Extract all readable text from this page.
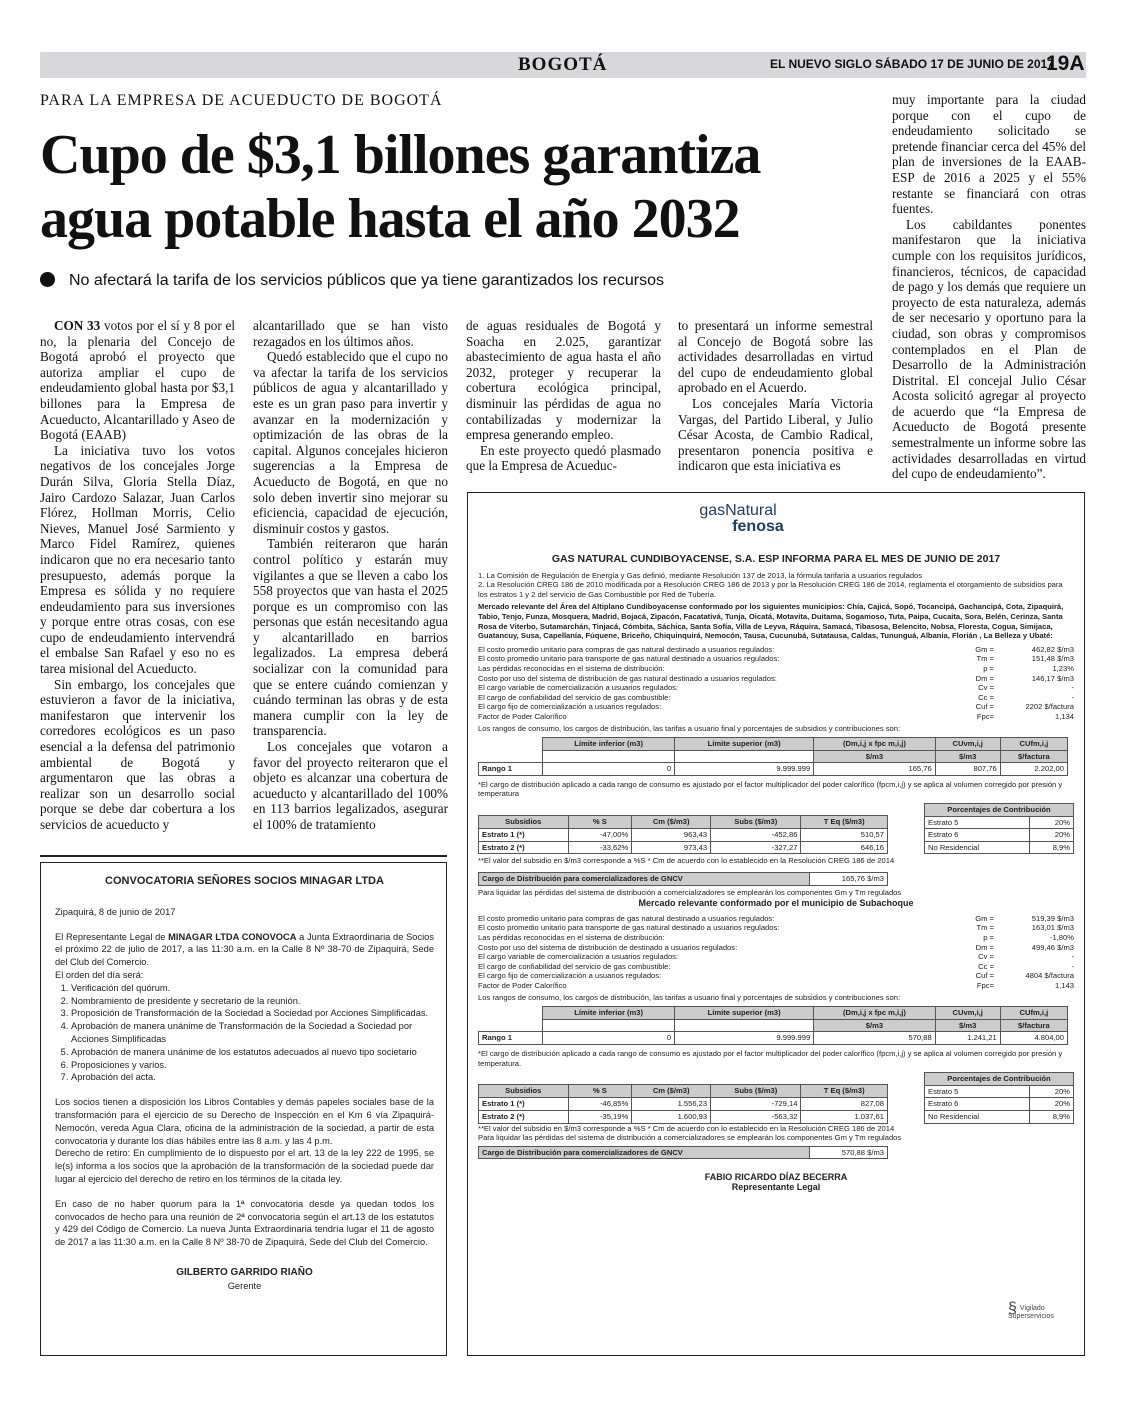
BOGOTÁ	EL NUEVO SIGLO SÁBADO 17 DE JUNIO DE 2017
19A
PARA LA EMPRESA DE ACUEDUCTO DE BOGOTÁ
Cupo de $3,1 billones garantiza
agua potable hasta el año 2032
No afectará la tarifa de los servicios públicos que ya tiene garantizados los recursos

CON 33 votos por el sí y 8 por el no, la plenaria del Concejo de Bogotá aprobó el proyecto que autoriza ampliar el cupo de endeudamiento global hasta por $3,1 billones para la Empresa de Acueducto, Alcantarillado y Aseo de Bogotá (EAAB)

La iniciativa tuvo los votos negativos de los concejales Jorge Durán Silva, Gloria Stella Díaz, Jairo Cardozo Salazar, Juan Carlos Flórez, Hollman Morris, Celio Nieves, Manuel José Sarmiento y Marco Fidel Ramírez, quienes indicaron que no era necesario tanto presupuesto, además porque la Empresa es sólida y no requiere endeudamiento para sus inversiones y porque entre otras cosas, con ese cupo de endeudamiento intervendrá el embalse San Rafael y eso no es tarea misional del Acueducto.

Sin embargo, los concejales que estuvieron a favor de la iniciativa, manifestaron que intervenir los corredores ecológicos es un paso esencial a la defensa del patrimonio ambiental de Bogotá y argumentaron que las obras a realizar son un desarrollo social porque se debe dar cobertura a los servicios de acueducto y

alcantarillado que se han visto rezagados en los últimos años.

Quedó establecido que el cupo no va afectar la tarifa de los servicios públicos de agua y alcantarillado y este es un gran paso para invertir y avanzar en la modernización y optimización de las obras de la capital. Algunos concejales hicieron sugerencias a la Empresa de Acueducto de Bogotá, en que no solo deben invertir sino mejorar su eficiencia, capacidad de ejecución, disminuir costos y gastos.

También reiteraron que harán control político y estarán muy vigilantes a que se lleven a cabo los 558 proyectos que van hasta el 2025 porque es un compromiso con las personas que están necesitando agua y alcantarillado en barrios legalizados. La empresa deberá socializar con la comunidad para que se entere cuándo comienzan y cuándo terminan las obras y de esta manera cumplir con la ley de transparencia.

Los concejales que votaron a favor del proyecto reiteraron que el objeto es alcanzar una cobertura de acueducto y alcantarillado del 100% en 113 barrios legalizados, asegurar el 100% de tratamiento

de aguas residuales de Bogotá y Soacha en 2.025, garantizar abastecimiento de agua hasta el año 2032, proteger y recuperar la cobertura ecológica principal, disminuir las pérdidas de agua no contabilizadas y modernizar la empresa generando empleo.

En este proyecto quedó plasmado que la Empresa de Acueduc-

to presentará un informe semestral al Concejo de Bogotá sobre las actividades desarrolladas en virtud del cupo de endeudamiento global aprobado en el Acuerdo.

Los concejales María Victoria Vargas, del Partido Liberal, y Julio César Acosta, de Cambio Radical, presentaron ponencia positiva e indicaron que esta iniciativa es

muy importante para la ciudad porque con el cupo de endeudamiento solicitado se pretende financiar cerca del 45% del plan de inversiones de la EAAB-ESP de 2016 a 2025 y el 55% restante se financiará con otras fuentes.

Los cabildantes ponentes manifestaron que la iniciativa cumple con los requisitos jurídicos, financieros, técnicos, de capacidad de pago y los demás que requiere un proyecto de esta naturaleza, además de ser necesario y oportuno para la ciudad, son obras y compromisos contemplados en el Plan de Desarrollo de la Administración Distrital. El concejal Julio César Acosta solicitó agregar al proyecto de acuerdo que “la Empresa de Acueducto de Bogotá presente semestralmente un informe sobre las actividades desarrolladas en virtud del cupo de endeudamiento”.

gasNatural
fenosa
GAS NATURAL CUNDIBOYACENSE, S.A. ESP INFORMA PARA EL MES DE JUNIO DE 2017
1. La Comisión de Regulación de Energía y Gas definió, mediante Resolución 137 de 2013, la fórmula tarifaria a usuarios regulados
2. La Resolución CREG 186 de 2010 modificada por a Resolución CREG 186 de 2013 y por la Resolución CREG 186 de 2014, reglamenta el otorgamiento de subsidios para los estratos 1 y 2 del servicio de Gas Combustible por Red de Tubería.
Mercado relevante del Área del Altiplano Cundiboyacense conformado por los siguientes municipios: Chía, Cajicá, Sopó, Tocancipá, Gachancipá, Cota, Zipaquirá, Tabio, Tenjo, Funza, Mosquera, Madrid, Bojacá, Zipacón, Facatativá, Tunja, Oicatá, Motavita, Duitama, Sogamoso, Tuta, Paipa, Cucaita, Sora, Belén, Cerinza, Santa Rosa de Viterbo, Sutamarchán, Tinjacá, Cómbita, Sáchica, Santa Sofía, Villa de Leyva, Ráquira, Samacá, Tibasosa, Belencito, Nobsa, Floresta, Cogua, Simijaca, Guatancuy, Susa, Capellanía, Fúquene, Briceño, Chiquinquirá, Nemocón, Tausa, Cucunubá, Sutatausa, Caldas, Tununguá, Albania, Florián , La Belleza y Ubaté:
El costo promedio unitario para compras de gas natural destinado a usuarios regulados:	Gm =	462,82 $/m3
El costo promedio unitario para transporte de gas natural destinado a usuarios regulados:	Tm =	151,48 $/m3
Las pérdidas reconocidas en el sistema de distribución:	p =	1,23%
Costo por uso del sistema de distribución de gas natural destinado a usuarios regulados:	Dm =	146,17 $/m3
El cargo variable de comercialización a usuarios regulados:	Cv =	-
El cargo de confiabilidad del servicio de gas combustible:	Cc =	-
El cargo fijo de comercialización a usuarios regulados:	Cuf =	2202 $/factura
Factor de Poder Calorífico	Fpc=	1,134
Los rangos de consumo, los cargos de distribución, las tarifas a usuario final y porcentajes de subsidios y contribuciones son:
	Límite inferior (m3)	Límite superior (m3)	(Dm,i,j x fpc m,i,j)	CUvm,i,j	CUfm,i,j
			$/m3	$/m3	$/factura
Rango 1	0	9.999.999	165,76	807,76	2.202,00
*El cargo de distribución aplicado a cada rango de consumo es ajustado por el factor multiplicador del poder calorífico (fpcm,i,j) y se aplica al volumen corregido por presión y temperatura
Subsidios	% S	Cm ($/m3)	Subs ($/m3)	T Eq ($/m3)
Estrato 1 (*)	-47,00%	963,43	-452,86	510,57
Estrato 2 (*)	-33,62%	973,43	-327,27	646,16
Porcentajes de Contribución	
Estrato 5	20%
Estrato 6	20%
No Residencial	8,9%
**El valor del subsidio en $/m3 corresponde a %S * Cm de acuerdo con lo establecido en la Resolución CREG 186 de 2014
Cargo de Distribución para comercializadores de GNCV	165,76 $/m3
Para liquidar las pérdidas del sistema de distribución a comercializadores se emplearán los componentes Gm y Tm regulados
Mercado relevante conformado por el municipio de Subachoque
El costo promedio unitario para compras de gas natural destinado a usuarios regulados:	Gm =	519,39 $/m3
El costo promedio unitario para transporte de gas natural destinado a usuarios regulados:	Tm =	163,01 $/m3
Las pérdidas reconocidas en el sistema de distribución:	p =	-1,80%
Costo por uso del sistema de distribución de destinado a usuarios regulados:	Dm =	499,46 $/m3
El cargo variable de comercialización a usuarios regulados:	Cv =	-
El cargo de confiabilidad del servicio de gas combustible:	Cc =	-
El cargo fijo de comercialización a usuarios regulados:	Cuf =	4804 $/factura
Factor de Poder Calorífico	Fpc=	1,143
Los rangos de consumo, los cargos de distribución, las tarifas a usuario final y porcentajes de subsidios y contribuciones son:
	Límite inferior (m3)	Límite superior (m3)	(Dm,i,j x fpc m,i,j)	CUvm,i,j	CUfm,i,j
			$/m3	$/m3	$/factura
Rango 1	0	9.999.999	570,88	1.241,21	4.804,00
*El cargo de distribución aplicado a cada rango de consumo es ajustado por el factor multiplicador del poder calorífico (fpcm,i,j) y se aplica al volumen corregido por presión y temperatura.
Subsidios	% S	Cm ($/m3)	Subs ($/m3)	T Eq ($/m3)
Estrato 1 (*)	-46,85%	1.556,23	-729,14	827,08
Estrato 2 (*)	-35,19%	1.600,93	-563,32	1.037,61
Porcentajes de Contribución	
Estrato 5	20%
Estrato 6	20%
No Residencial	8,9%
**El valor del subsidio en $/m3 corresponde a %S * Cm de acuerdo con lo establecido en la Resolución CREG 186 de 2014
Para liquidar las pérdidas del sistema de distribución a comercializadores se emplearán los componentes Gm y Tm regulados
Cargo de Distribución para comercializadores de GNCV	570,88 $/m3
FABIO RICARDO DÍAZ BECERRA
Representante Legal
§ Vigilado
Superservicios
CONVOCATORIA SEÑORES SOCIOS MINAGAR LTDA

Zipaquirá, 8 de junio de 2017

El Representante Legal de MINAGAR LTDA CONOVOCA a Junta Extraordinaria de Socios el próximo 22 de julio de 2017, a las 11:30 a.m. en la Calle 8 Nº 38-70 de Zipaquirá, Sede del Club del Comercio.

El orden del día será:

1. Verificación del quórum.
2. Nombramiento de presidente y secretario de la reunión.
3. Proposición de Transformación de la Sociedad a Sociedad por Acciones Simplificadas.
4. Aprobación de manera unánime de Transformación de la Sociedad a Sociedad por Acciones Simplificadas
5. Aprobación de manera unánime de los estatutos adecuados al nuevo tipo societario
6. Proposiciones y varios.
7. Aprobación del acta.

Los socios tienen a disposición los Libros Contables y demás papeles sociales base de la transformación para el ejercicio de su Derecho de Inspección en el Km 6 vía Zipaquirá-Nemocón, vereda Agua Clara, oficina de la administración de la sociedad, a partir de esta convocatoria y durante los días hábiles entre las 8 a.m. y las 4 p.m.

Derecho de retiro: En cumplimiento de lo dispuesto por el art. 13 de la ley 222 de 1995, se le(s) informa a los socios que la aprobación de la transformación de la sociedad puede dar lugar al ejercicio del derecho de retiro en los términos de la citada ley.

En caso de no haber quorum para la 1ª convocatoria desde ya quedan todos los convocados de hecho para una reunión de 2ª convocatoria según el art.13 de los estatutos y 429 del Código de Comercio. La nueva Junta Extraordinaria tendría lugar el 11 de agosto de 2017 a las 11:30 a.m. en la Calle 8 Nº 38-70 de Zipaquirá, Sede del Club del Comercio.

GILBERTO GARRIDO RIAÑO
Gerente
